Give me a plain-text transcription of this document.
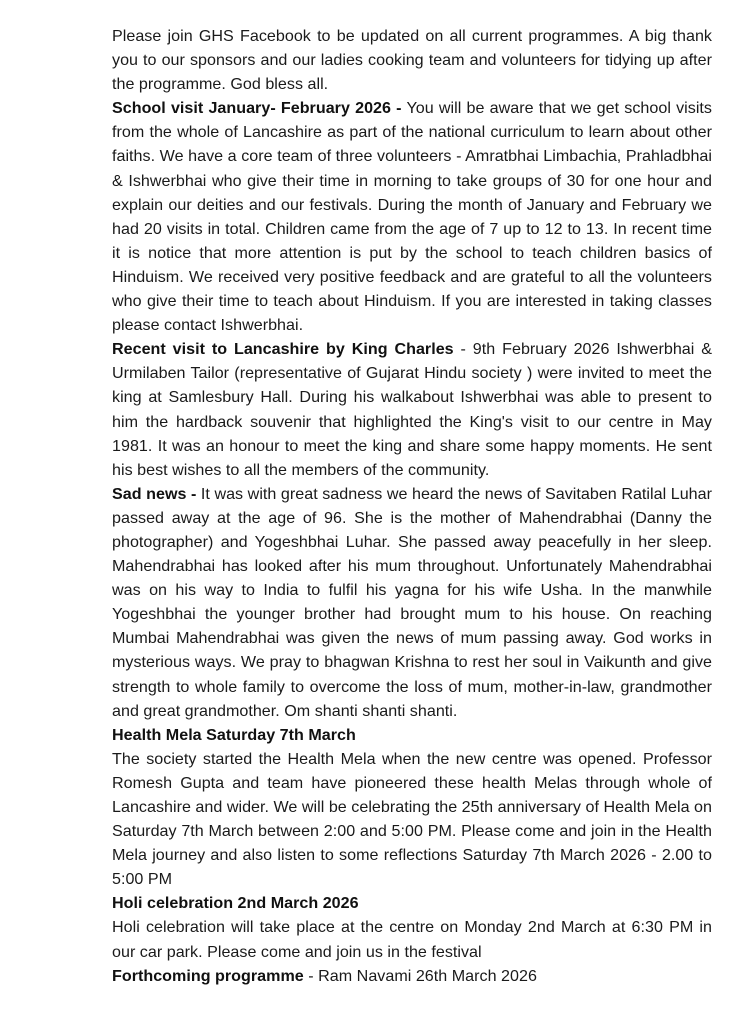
Please join GHS Facebook to be updated on all current programmes. A big thank you to our sponsors and our ladies cooking team and volunteers for tidying up after the programme. God bless all.

School visit January- February 2026 - You will be aware that we get school visits from the whole of Lancashire as part of the national curriculum to learn about other faiths. We have a core team of three volunteers - Amratbhai Limbachia, Prahladbhai & Ishwerbhai who give their time in morning to take groups of 30 for one hour and explain our deities and our festivals. During the month of January and February we had 20 visits in total. Children came from the age of 7 up to 12 to 13. In recent time it is notice that more attention is put by the school to teach children basics of Hinduism. We received very positive feedback and are grateful to all the volunteers who give their time to teach about Hinduism. If you are interested in taking classes please contact Ishwerbhai.

Recent visit to Lancashire by King Charles - 9th February 2026 Ishwerbhai & Urmilaben Tailor (representative of Gujarat Hindu society ) were invited to meet the king at Samlesbury Hall. During his walkabout Ishwerbhai was able to present to him the hardback souvenir that highlighted the King's visit to our centre in May 1981. It was an honour to meet the king and share some happy moments. He sent his best wishes to all the members of the community.

Sad news - It was with great sadness we heard the news of Savitaben Ratilal Luhar passed away at the age of 96. She is the mother of Mahendrabhai (Danny the photographer) and Yogeshbhai Luhar. She passed away peacefully in her sleep. Mahendrabhai has looked after his mum throughout. Unfortunately Mahendrabhai was on his way to India to fulfil his yagna for his wife Usha. In the manwhile Yogeshbhai the younger brother had brought mum to his house. On reaching Mumbai Mahendrabhai was given the news of mum passing away. God works in mysterious ways. We pray to bhagwan Krishna to rest her soul in Vaikunth and give strength to whole family to overcome the loss of mum, mother-in-law, grandmother and great grandmother. Om shanti shanti shanti.

Health Mela Saturday 7th March

The society started the Health Mela when the new centre was opened. Professor Romesh Gupta and team have pioneered these health Melas through whole of Lancashire and wider. We will be celebrating the 25th anniversary of Health Mela on Saturday 7th March between 2:00 and 5:00 PM. Please come and join in the Health Mela journey and also listen to some reflections Saturday 7th March 2026 - 2.00 to 5:00 PM

Holi celebration 2nd March 2026

Holi celebration will take place at the centre on Monday 2nd March at 6:30 PM in our car park. Please come and join us in the festival

Forthcoming programme - Ram Navami 26th March 2026
